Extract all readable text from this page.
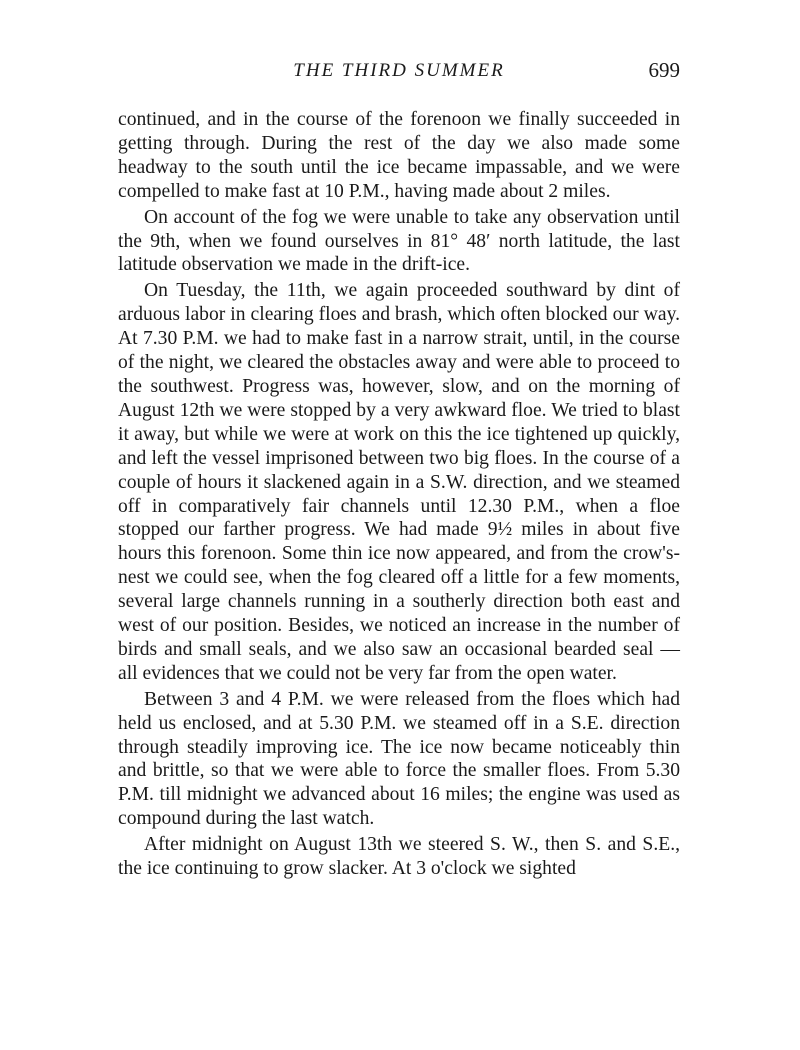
THE THIRD SUMMER	699

continued, and in the course of the forenoon we finally succeeded in getting through. During the rest of the day we also made some headway to the south until the ice became impassable, and we were compelled to make fast at 10 P.M., having made about 2 miles.

On account of the fog we were unable to take any observation until the 9th, when we found ourselves in 81° 48′ north latitude, the last latitude observation we made in the drift-ice.

On Tuesday, the 11th, we again proceeded southward by dint of arduous labor in clearing floes and brash, which often blocked our way. At 7.30 P.M. we had to make fast in a narrow strait, until, in the course of the night, we cleared the obstacles away and were able to proceed to the southwest. Progress was, however, slow, and on the morning of August 12th we were stopped by a very awkward floe. We tried to blast it away, but while we were at work on this the ice tightened up quickly, and left the vessel imprisoned between two big floes. In the course of a couple of hours it slackened again in a S.W. direction, and we steamed off in comparatively fair channels until 12.30 P.M., when a floe stopped our farther progress. We had made 9½ miles in about five hours this forenoon. Some thin ice now appeared, and from the crow's-nest we could see, when the fog cleared off a little for a few moments, several large channels running in a southerly direction both east and west of our position. Besides, we noticed an increase in the number of birds and small seals, and we also saw an occasional bearded seal — all evidences that we could not be very far from the open water.

Between 3 and 4 P.M. we were released from the floes which had held us enclosed, and at 5.30 P.M. we steamed off in a S.E. direction through steadily improving ice. The ice now became noticeably thin and brittle, so that we were able to force the smaller floes. From 5.30 P.M. till midnight we advanced about 16 miles; the engine was used as compound during the last watch.

After midnight on August 13th we steered S. W., then S. and S.E., the ice continuing to grow slacker. At 3 o'clock we sighted
